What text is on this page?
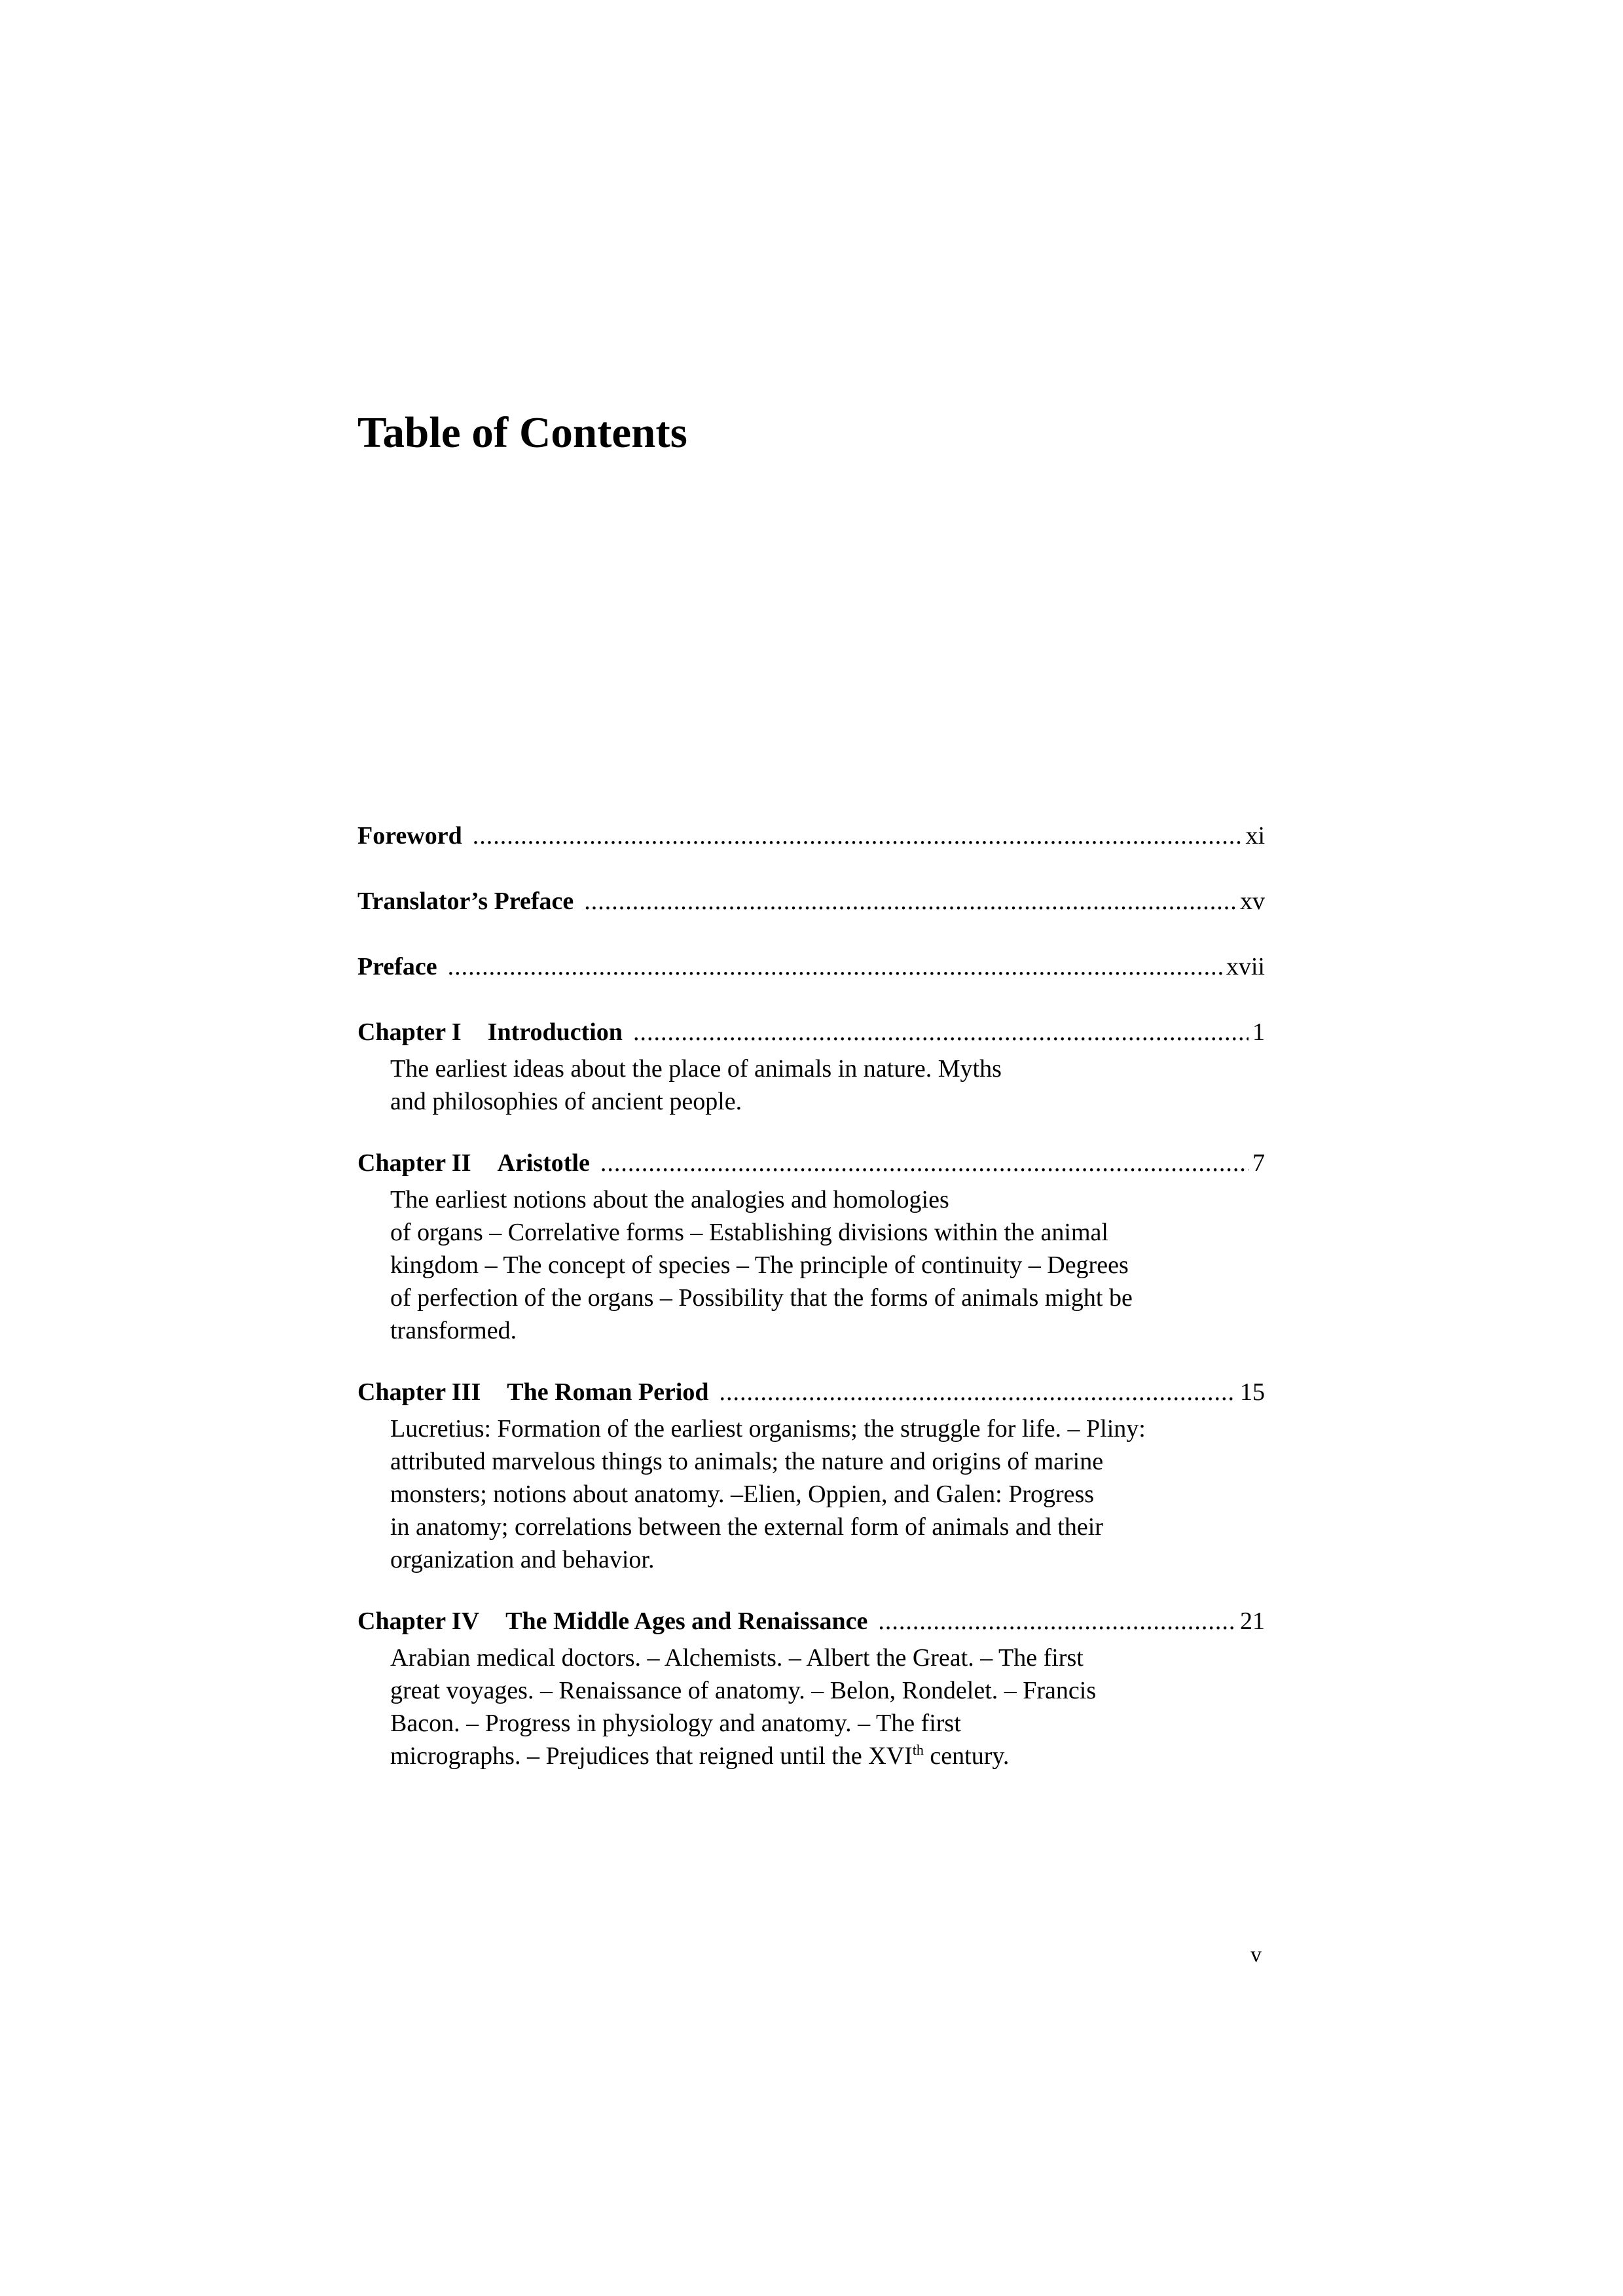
Table of Contents
Foreword .....	xi
Translator’s Preface .....	xv
Preface .....	xvii
Chapter I Introduction .....	1
The earliest ideas about the place of animals in nature. Myths
and philosophies of ancient people.
Chapter II Aristotle .....	7
The earliest notions about the analogies and homologies
of organs – Correlative forms – Establishing divisions within the animal
kingdom – The concept of species – The principle of continuity – Degrees
of perfection of the organs – Possibility that the forms of animals might be
transformed.
Chapter III The Roman Period .....	15
Lucretius: Formation of the earliest organisms; the struggle for life. – Pliny:
attributed marvelous things to animals; the nature and origins of marine
monsters; notions about anatomy. –Elien, Oppien, and Galen: Progress
in anatomy; correlations between the external form of animals and their
organization and behavior.
Chapter IV The Middle Ages and Renaissance .....	21
Arabian medical doctors. – Alchemists. – Albert the Great. – The first
great voyages. – Renaissance of anatomy. – Belon, Rondelet. – Francis
Bacon. – Progress in physiology and anatomy. – The first
micrographs. – Prejudices that reigned until the XVIth century.
v
